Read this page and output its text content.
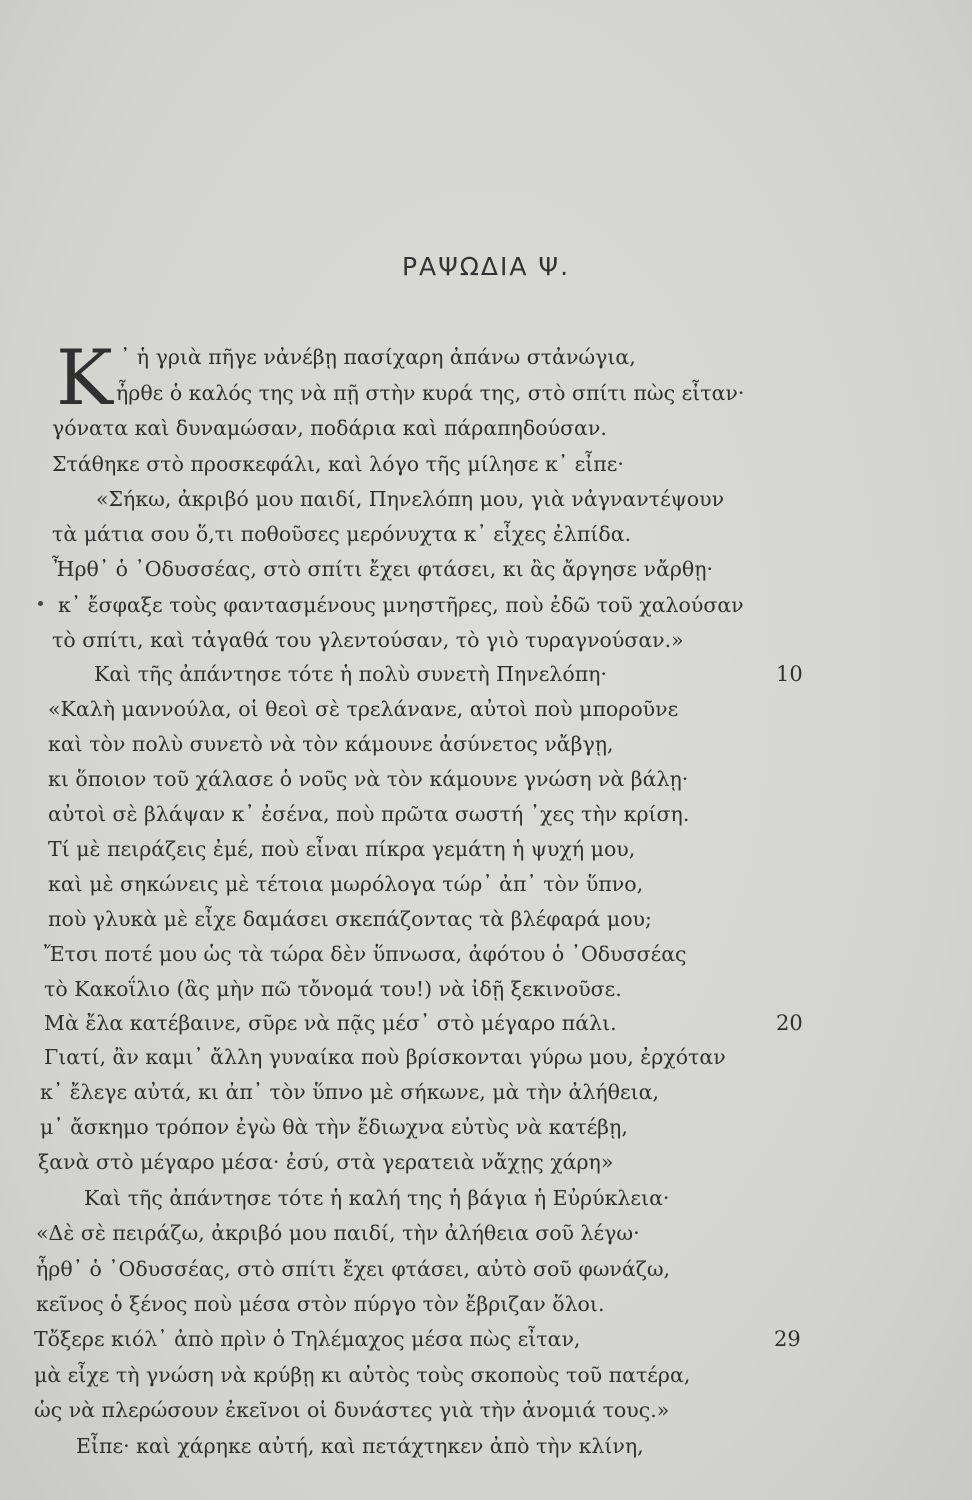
ΡΑΨΩΔΙΑ Ψ.
Κ ᾿ ἡ γριὰ πῆγε νἀνέβῃ πασίχαρη ἀπάνω στἀνώγια,
ἦρθε ὁ καλός της νὰ πῇ στὴν κυρά της, στὸ σπίτι πὼς εἶταν·
γόνατα καὶ δυναμώσαν, ποδάρια καὶ πάραπηδούσαν.
Στάθηκε στὸ προσκεφάλι, καὶ λόγο τῆς μίλησε κ᾿ εἶπε·
«Σήκω, ἀκριβό μου παιδί, Πηνελόπη μου, γιὰ νἀγναντέψουν
τὰ μάτια σου ὅ,τι ποθοῦσες μερόνυχτα κ᾿ εἶχες ἐλπίδα.
Ἦρθ᾿ ὁ ᾿Οδυσσέας, στὸ σπίτι ἔχει φτάσει, κι ἂς ἄργησε νἄρθῃ·
κ᾿ ἔσφαξε τοὺς φαντασμένους μνηστῆρες, ποὺ ἐδῶ τοῦ χαλούσαν
τὸ σπίτι, καὶ τἀγαθά του γλεντούσαν, τὸ γιὸ τυραγνούσαν.»
Καὶ τῆς ἀπάντησε τότε ἡ πολὺ συνετὴ Πηνελόπη·
«Καλὴ μαννούλα, οἱ θεοὶ σὲ τρελάνανε, αὐτοὶ ποὺ μποροῦνε
καὶ τὸν πολὺ συνετὸ νὰ τὸν κάμουνε ἀσύνετος νἄβγῃ,
κι ὅποιον τοῦ χάλασε ὁ νοῦς νὰ τὸν κάμουνε γνώση νὰ βάλῃ·
αὐτοὶ σὲ βλάψαν κ᾿ ἐσένα, ποὺ πρῶτα σωστή ᾿χες τὴν κρίση.
Τί μὲ πειράζεις ἐμέ, ποὺ εἶναι πίκρα γεμάτη ἡ ψυχή μου,
καὶ μὲ σηκώνεις μὲ τέτοια μωρόλογα τώρ᾿ ἀπ᾿ τὸν ὕπνο,
ποὺ γλυκὰ μὲ εἶχε δαμάσει σκεπάζοντας τὰ βλέφαρά μου;
Ἔτσι ποτέ μου ὡς τὰ τώρα δὲν ὕπνωσα, ἀφότου ὁ ᾿Οδυσσέας
τὸ Κακοΐλιο (ἂς μὴν πῶ τὄνομά του!) νὰ ἰδῇ ξεκινοῦσε.
Μὰ ἔλα κατέβαινε, σῦρε νὰ πᾷς μέσ᾿ στὸ μέγαρο πάλι.
Γιατί, ἂν καμι᾿ ἄλλη γυναίκα ποὺ βρίσκονται γύρω μου, ἐρχόταν
κ᾿ ἔλεγε αὐτά, κι ἀπ᾿ τὸν ὕπνο μὲ σήκωνε, μὰ τὴν ἀλήθεια,
μ᾿ ἄσκημο τρόπον ἐγὼ θὰ τὴν ἔδιωχνα εὐτὺς νὰ κατέβῃ,
ξανὰ στὸ μέγαρο μέσα· ἐσύ, στὰ γερατειὰ νἄχῃς χάρη»
Καὶ τῆς ἀπάντησε τότε ἡ καλή της ἡ βάγια ἡ Εὐρύκλεια·
«Δὲ σὲ πειράζω, ἀκριβό μου παιδί, τὴν ἀλήθεια σοῦ λέγω·
ἦρθ᾿ ὁ ᾿Οδυσσέας, στὸ σπίτι ἔχει φτάσει, αὐτὸ σοῦ φωνάζω,
κεῖνος ὁ ξένος ποὺ μέσα στὸν πύργο τὸν ἔβριζαν ὅλοι.
Τὄξερε κιόλ᾿ ἀπὸ πρὶν ὁ Τηλέμαχος μέσα πὼς εἶταν,
μὰ εἶχε τὴ γνώση νὰ κρύβῃ κι αὐτὸς τοὺς σκοποὺς τοῦ πατέρα,
ὡς νὰ πλερώσουν ἐκεῖνοι οἱ δυνάστες γιὰ τὴν ἀνομιά τους.»
Εἶπε· καὶ χάρηκε αὐτή, καὶ πετάχτηκεν ἀπὸ τὴν κλίνη,
10
20
29
